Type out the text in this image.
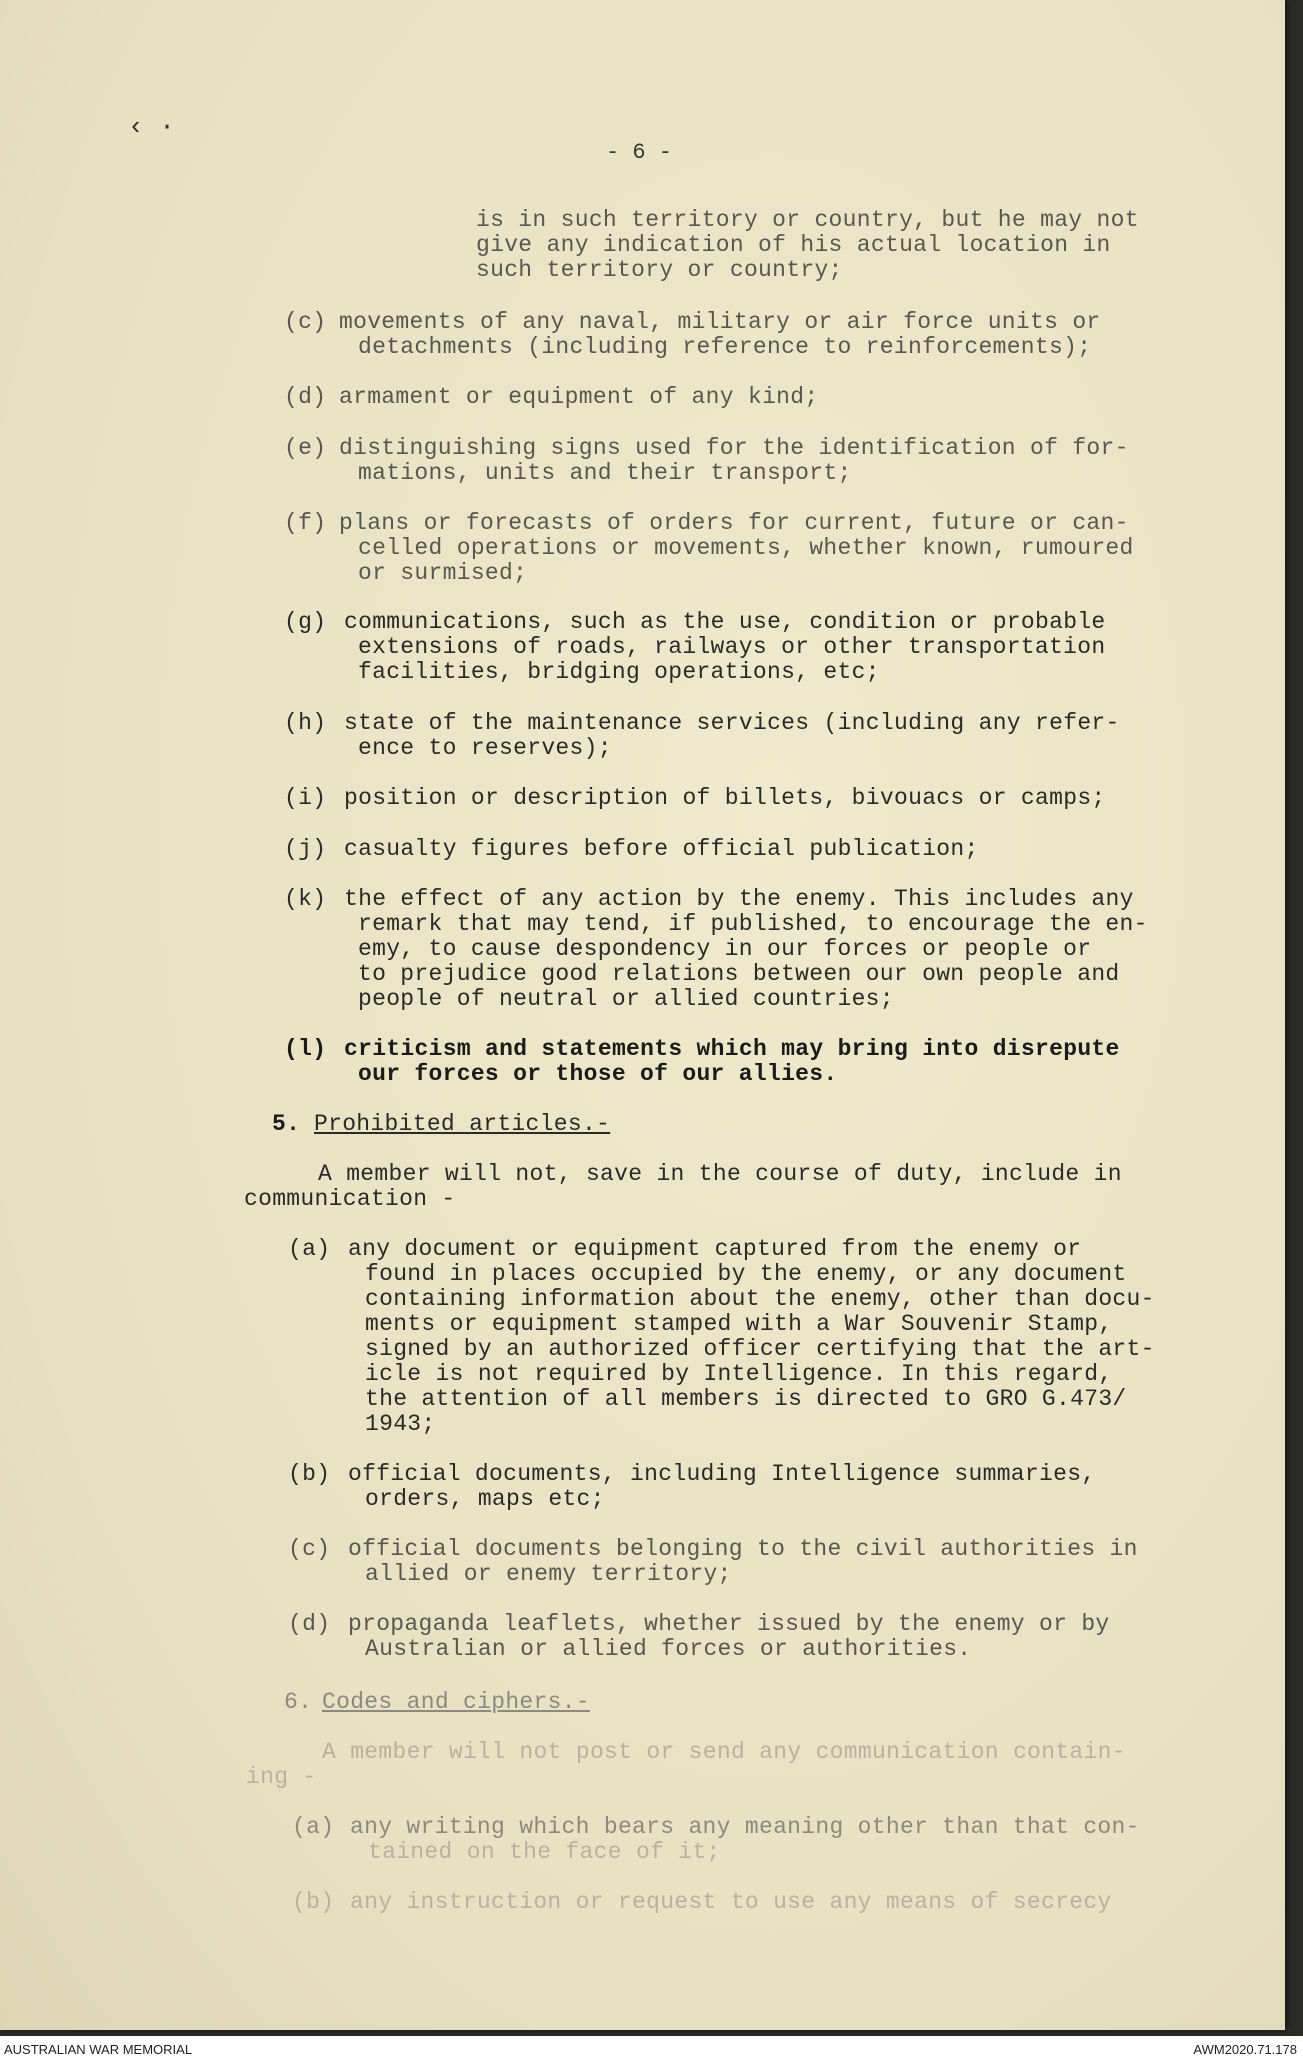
‹ ·
- 6 -
is in such territory or country, but he may not
give any indication of his actual location in
such territory or country;
(c) movements of any naval, military or air force units or
detachments (including reference to reinforcements);
(d) armament or equipment of any kind;
(e) distinguishing signs used for the identification of for-
mations, units and their transport;
(f) plans or forecasts of orders for current, future or can-
celled operations or movements, whether known, rumoured
or surmised;
(g) communications, such as the use, condition or probable
extensions of roads, railways or other transportation
facilities, bridging operations, etc;
(h) state of the maintenance services (including any refer-
ence to reserves);
(i) position or description of billets, bivouacs or camps;
(j) casualty figures before official publication;
(k) the effect of any action by the enemy. This includes any
remark that may tend, if published, to encourage the en-
emy, to cause despondency in our forces or people or
to prejudice good relations between our own people and
people of neutral or allied countries;
(l) criticism and statements which may bring into disrepute
our forces or those of our allies.
5. Prohibited articles.-
A member will not, save in the course of duty, include in
communication -
(a) any document or equipment captured from the enemy or
found in places occupied by the enemy, or any document
containing information about the enemy, other than docu-
ments or equipment stamped with a War Souvenir Stamp,
signed by an authorized officer certifying that the art-
icle is not required by Intelligence. In this regard,
the attention of all members is directed to GRO G.473/
1943;
(b) official documents, including Intelligence summaries,
orders, maps etc;
(c) official documents belonging to the civil authorities in
allied or enemy territory;
(d) propaganda leaflets, whether issued by the enemy or by
Australian or allied forces or authorities.
6. Codes and ciphers.-
A member will not post or send any communication contain-
ing -
(a) any writing which bears any meaning other than that con-
tained on the face of it;
(b) any instruction or request to use any means of secrecy
AUSTRALIAN WAR MEMORIAL	AWM2020.71.178
